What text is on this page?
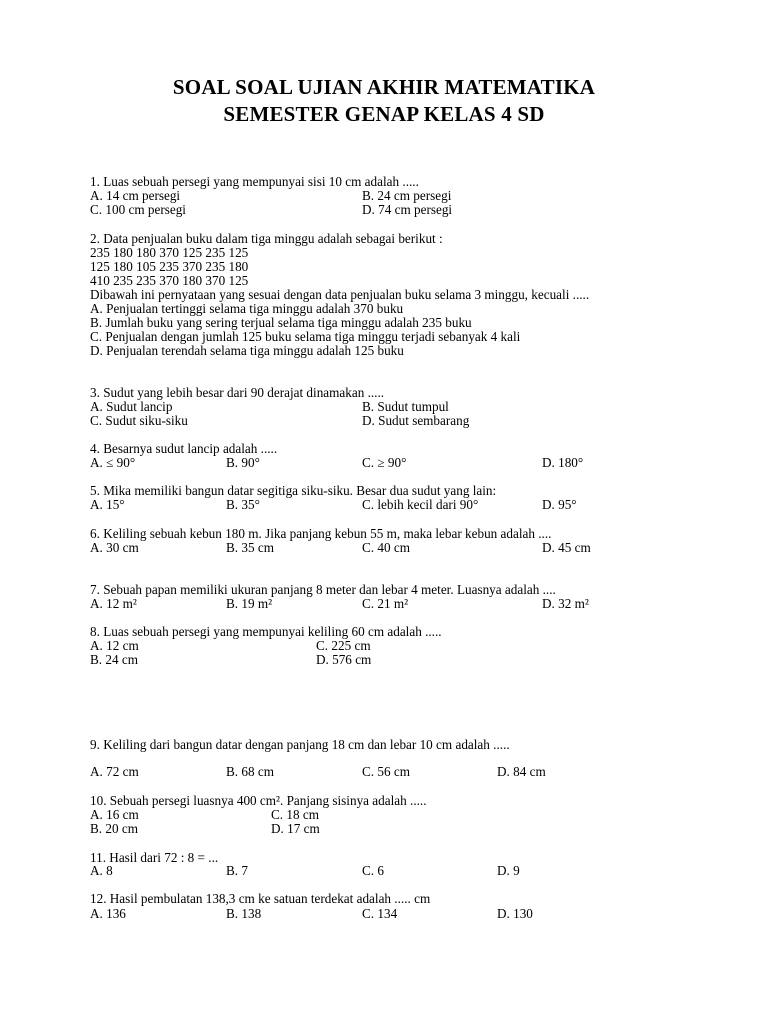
SOAL SOAL UJIAN AKHIR MATEMATIKA
SEMESTER GENAP KELAS 4 SD
1. Luas sebuah persegi yang mempunyai sisi 10 cm adalah .....
A. 14 cm persegi	B. 24 cm persegi
C. 100 cm persegi	D. 74 cm persegi
2. Data penjualan buku dalam tiga minggu adalah sebagai berikut :
235 180 180 370 125 235 125
125 180 105 235 370 235 180
410 235 235 370 180 370 125
Dibawah ini pernyataan yang sesuai dengan data penjualan buku selama 3 minggu, kecuali .....
A. Penjualan tertinggi selama tiga minggu adalah 370 buku
B. Jumlah buku yang sering terjual selama tiga minggu adalah 235 buku
C. Penjualan dengan jumlah 125 buku selama tiga minggu terjadi sebanyak 4 kali
D. Penjualan terendah selama tiga minggu adalah 125 buku
3. Sudut yang lebih besar dari 90 derajat dinamakan .....
A. Sudut lancip	B. Sudut tumpul
C. Sudut siku-siku	D. Sudut sembarang
4. Besarnya sudut lancip adalah .....
A. ≤ 90°	B. 90°	C. ≥ 90°	D. 180°
5. Mika memiliki bangun datar segitiga siku-siku. Besar dua sudut yang lain:
A. 15°	B. 35°	C. lebih kecil dari 90°	D. 95°
6. Keliling sebuah kebun 180 m. Jika panjang kebun 55 m, maka lebar kebun adalah ....
A. 30 cm	B. 35 cm	C. 40 cm	D. 45 cm
7. Sebuah papan memiliki ukuran panjang 8 meter dan lebar 4 meter. Luasnya adalah ....
A. 12 m²	B. 19 m²	C. 21 m²	D. 32 m²
8. Luas sebuah persegi yang mempunyai keliling 60 cm adalah .....
A. 12 cm	C. 225 cm
B. 24 cm	D. 576 cm
9. Keliling dari bangun datar dengan panjang 18 cm dan lebar 10 cm adalah .....
A. 72 cm	B. 68 cm	C. 56 cm	D. 84 cm
10. Sebuah persegi luasnya 400 cm². Panjang sisinya adalah .....
A. 16 cm	C. 18 cm
B. 20 cm	D. 17 cm
11. Hasil dari 72 : 8 = ...
A. 8	B. 7	C. 6	D. 9
12. Hasil pembulatan 138,3 cm ke satuan terdekat adalah ..... cm
A. 136	B. 138	C. 134	D. 130
